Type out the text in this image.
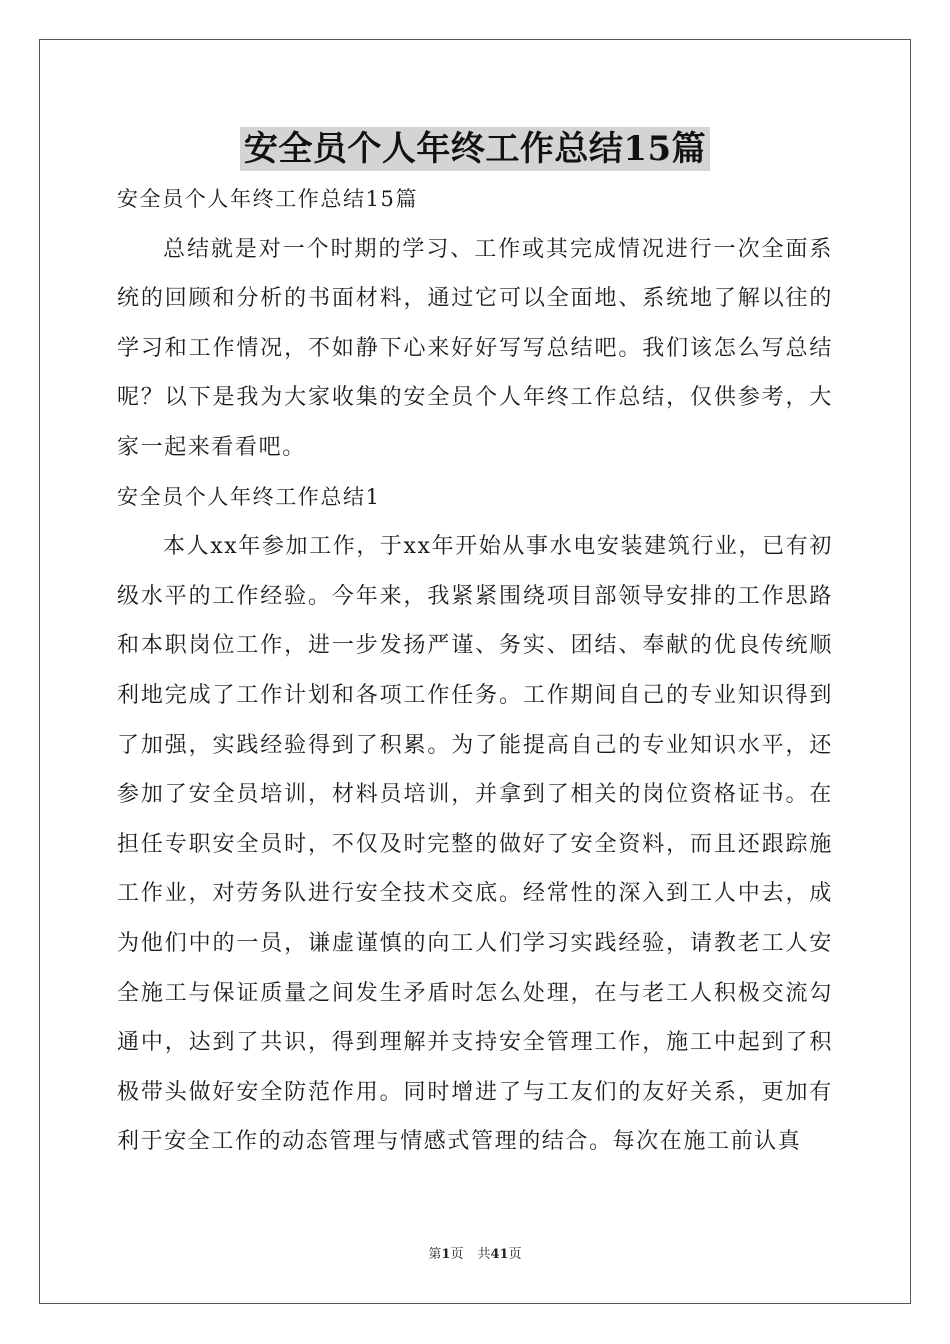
安全员个人年终工作总结15篇

安全员个人年终工作总结15篇

总结就是对一个时期的学习、工作或其完成情况进行一次全面系统的回顾和分析的书面材料，通过它可以全面地、系统地了解以往的学习和工作情况，不如静下心来好好写写总结吧。我们该怎么写总结呢？以下是我为大家收集的安全员个人年终工作总结，仅供参考，大家一起来看看吧。

安全员个人年终工作总结1

本人xx年参加工作，于xx年开始从事水电安装建筑行业，已有初级水平的工作经验。今年来，我紧紧围绕项目部领导安排的工作思路和本职岗位工作，进一步发扬严谨、务实、团结、奉献的优良传统顺利地完成了工作计划和各项工作任务。工作期间自己的专业知识得到了加强，实践经验得到了积累。为了能提高自己的专业知识水平，还参加了安全员培训，材料员培训，并拿到了相关的岗位资格证书。在担任专职安全员时，不仅及时完整的做好了安全资料，而且还跟踪施工作业，对劳务队进行安全技术交底。经常性的深入到工人中去，成为他们中的一员，谦虚谨慎的向工人们学习实践经验，请教老工人安全施工与保证质量之间发生矛盾时怎么处理，在与老工人积极交流勾通中，达到了共识，得到理解并支持安全管理工作，施工中起到了积极带头做好安全防范作用。同时增进了与工友们的友好关系，更加有利于安全工作的动态管理与情感式管理的结合。每次在施工前认真

第1页 共41页
